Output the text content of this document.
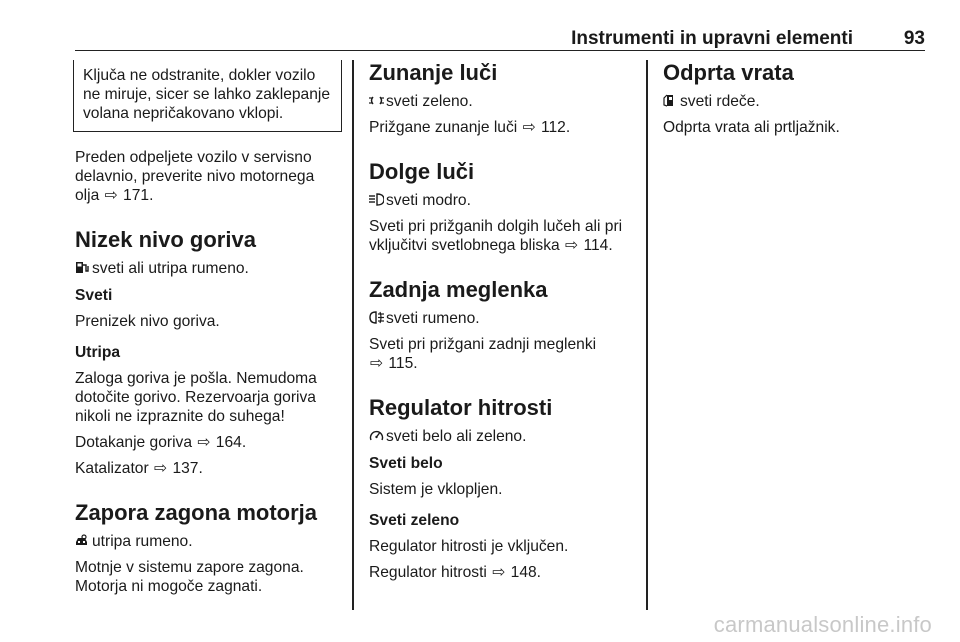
Instrumenti in upravni elementi	93
Ključa ne odstranite, dokler vozilo ne miruje, sicer se lahko zaklepanje volana nepričakovano vklopi.

Preden odpeljete vozilo v servisno delavnio, preverite nivo motornega olja ⇨ 171.

Nizek nivo goriva

sveti ali utripa rumeno.

Sveti

Prenizek nivo goriva.

Utripa

Zaloga goriva je pošla. Nemudoma dotočite gorivo. Rezervoarja goriva nikoli ne izpraznite do suhega!

Dotakanje goriva ⇨ 164.

Katalizator ⇨ 137.

Zapora zagona motorja

utripa rumeno.

Motnje v sistemu zapore zagona. Motorja ni mogoče zagnati.

Zunanje luči

sveti zeleno.

Prižgane zunanje luči ⇨ 112.

Dolge luči

sveti modro.

Sveti pri prižganih dolgih lučeh ali pri vključitvi svetlobnega bliska ⇨ 114.

Zadnja meglenka

sveti rumeno.

Sveti pri prižgani zadnji meglenki
⇨ 115.

Regulator hitrosti

sveti belo ali zeleno.

Sveti belo

Sistem je vklopljen.

Sveti zeleno

Regulator hitrosti je vključen.

Regulator hitrosti ⇨ 148.

Odprta vrata

sveti rdeče.

Odprta vrata ali prtljažnik.

carmanualsonline.info
